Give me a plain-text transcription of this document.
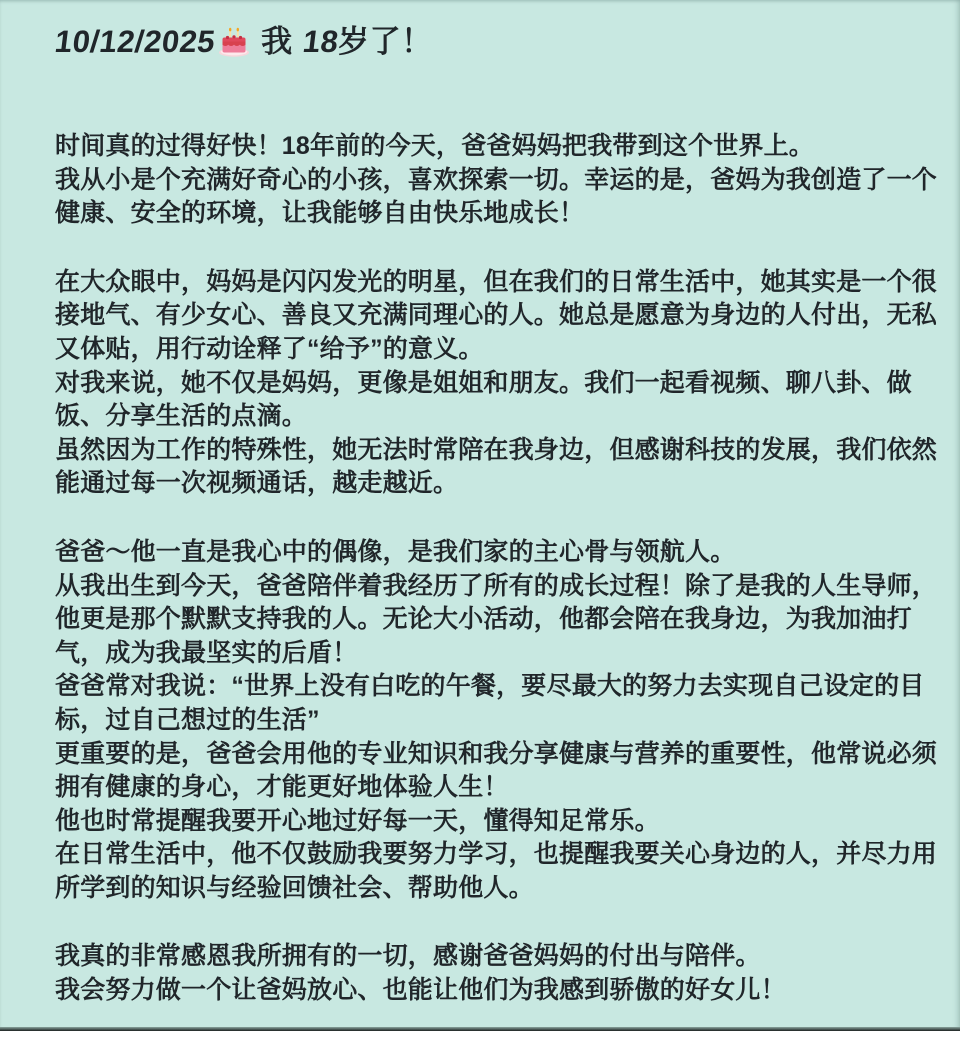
10/12/2025 我 18岁了！
时间真的过得好快！18年前的今天，爸爸妈妈把我带到这个世界上。
我从小是个充满好奇心的小孩，喜欢探索一切。幸运的是，爸妈为我创造了一个
健康、安全的环境，让我能够自由快乐地成长！
在大众眼中，妈妈是闪闪发光的明星，但在我们的日常生活中，她其实是一个很
接地气、有少女心、善良又充满同理心的人。她总是愿意为身边的人付出，无私
又体贴，用行动诠释了“给予”的意义。
对我来说，她不仅是妈妈，更像是姐姐和朋友。我们一起看视频、聊八卦、做
饭、分享生活的点滴。
虽然因为工作的特殊性，她无法时常陪在我身边，但感谢科技的发展，我们依然
能通过每一次视频通话，越走越近。
爸爸～他一直是我心中的偶像，是我们家的主心骨与领航人。
从我出生到今天，爸爸陪伴着我经历了所有的成长过程！除了是我的人生导师，
他更是那个默默支持我的人。无论大小活动，他都会陪在我身边，为我加油打
气，成为我最坚实的后盾！
爸爸常对我说：“世界上没有白吃的午餐，要尽最大的努力去实现自己设定的目
标，过自己想过的生活”
更重要的是，爸爸会用他的专业知识和我分享健康与营养的重要性，他常说必须
拥有健康的身心，才能更好地体验人生！
他也时常提醒我要开心地过好每一天，懂得知足常乐。
在日常生活中，他不仅鼓励我要努力学习，也提醒我要关心身边的人，并尽力用
所学到的知识与经验回馈社会、帮助他人。
我真的非常感恩我所拥有的一切，感谢爸爸妈妈的付出与陪伴。
我会努力做一个让爸妈放心、也能让他们为我感到骄傲的好女儿！
